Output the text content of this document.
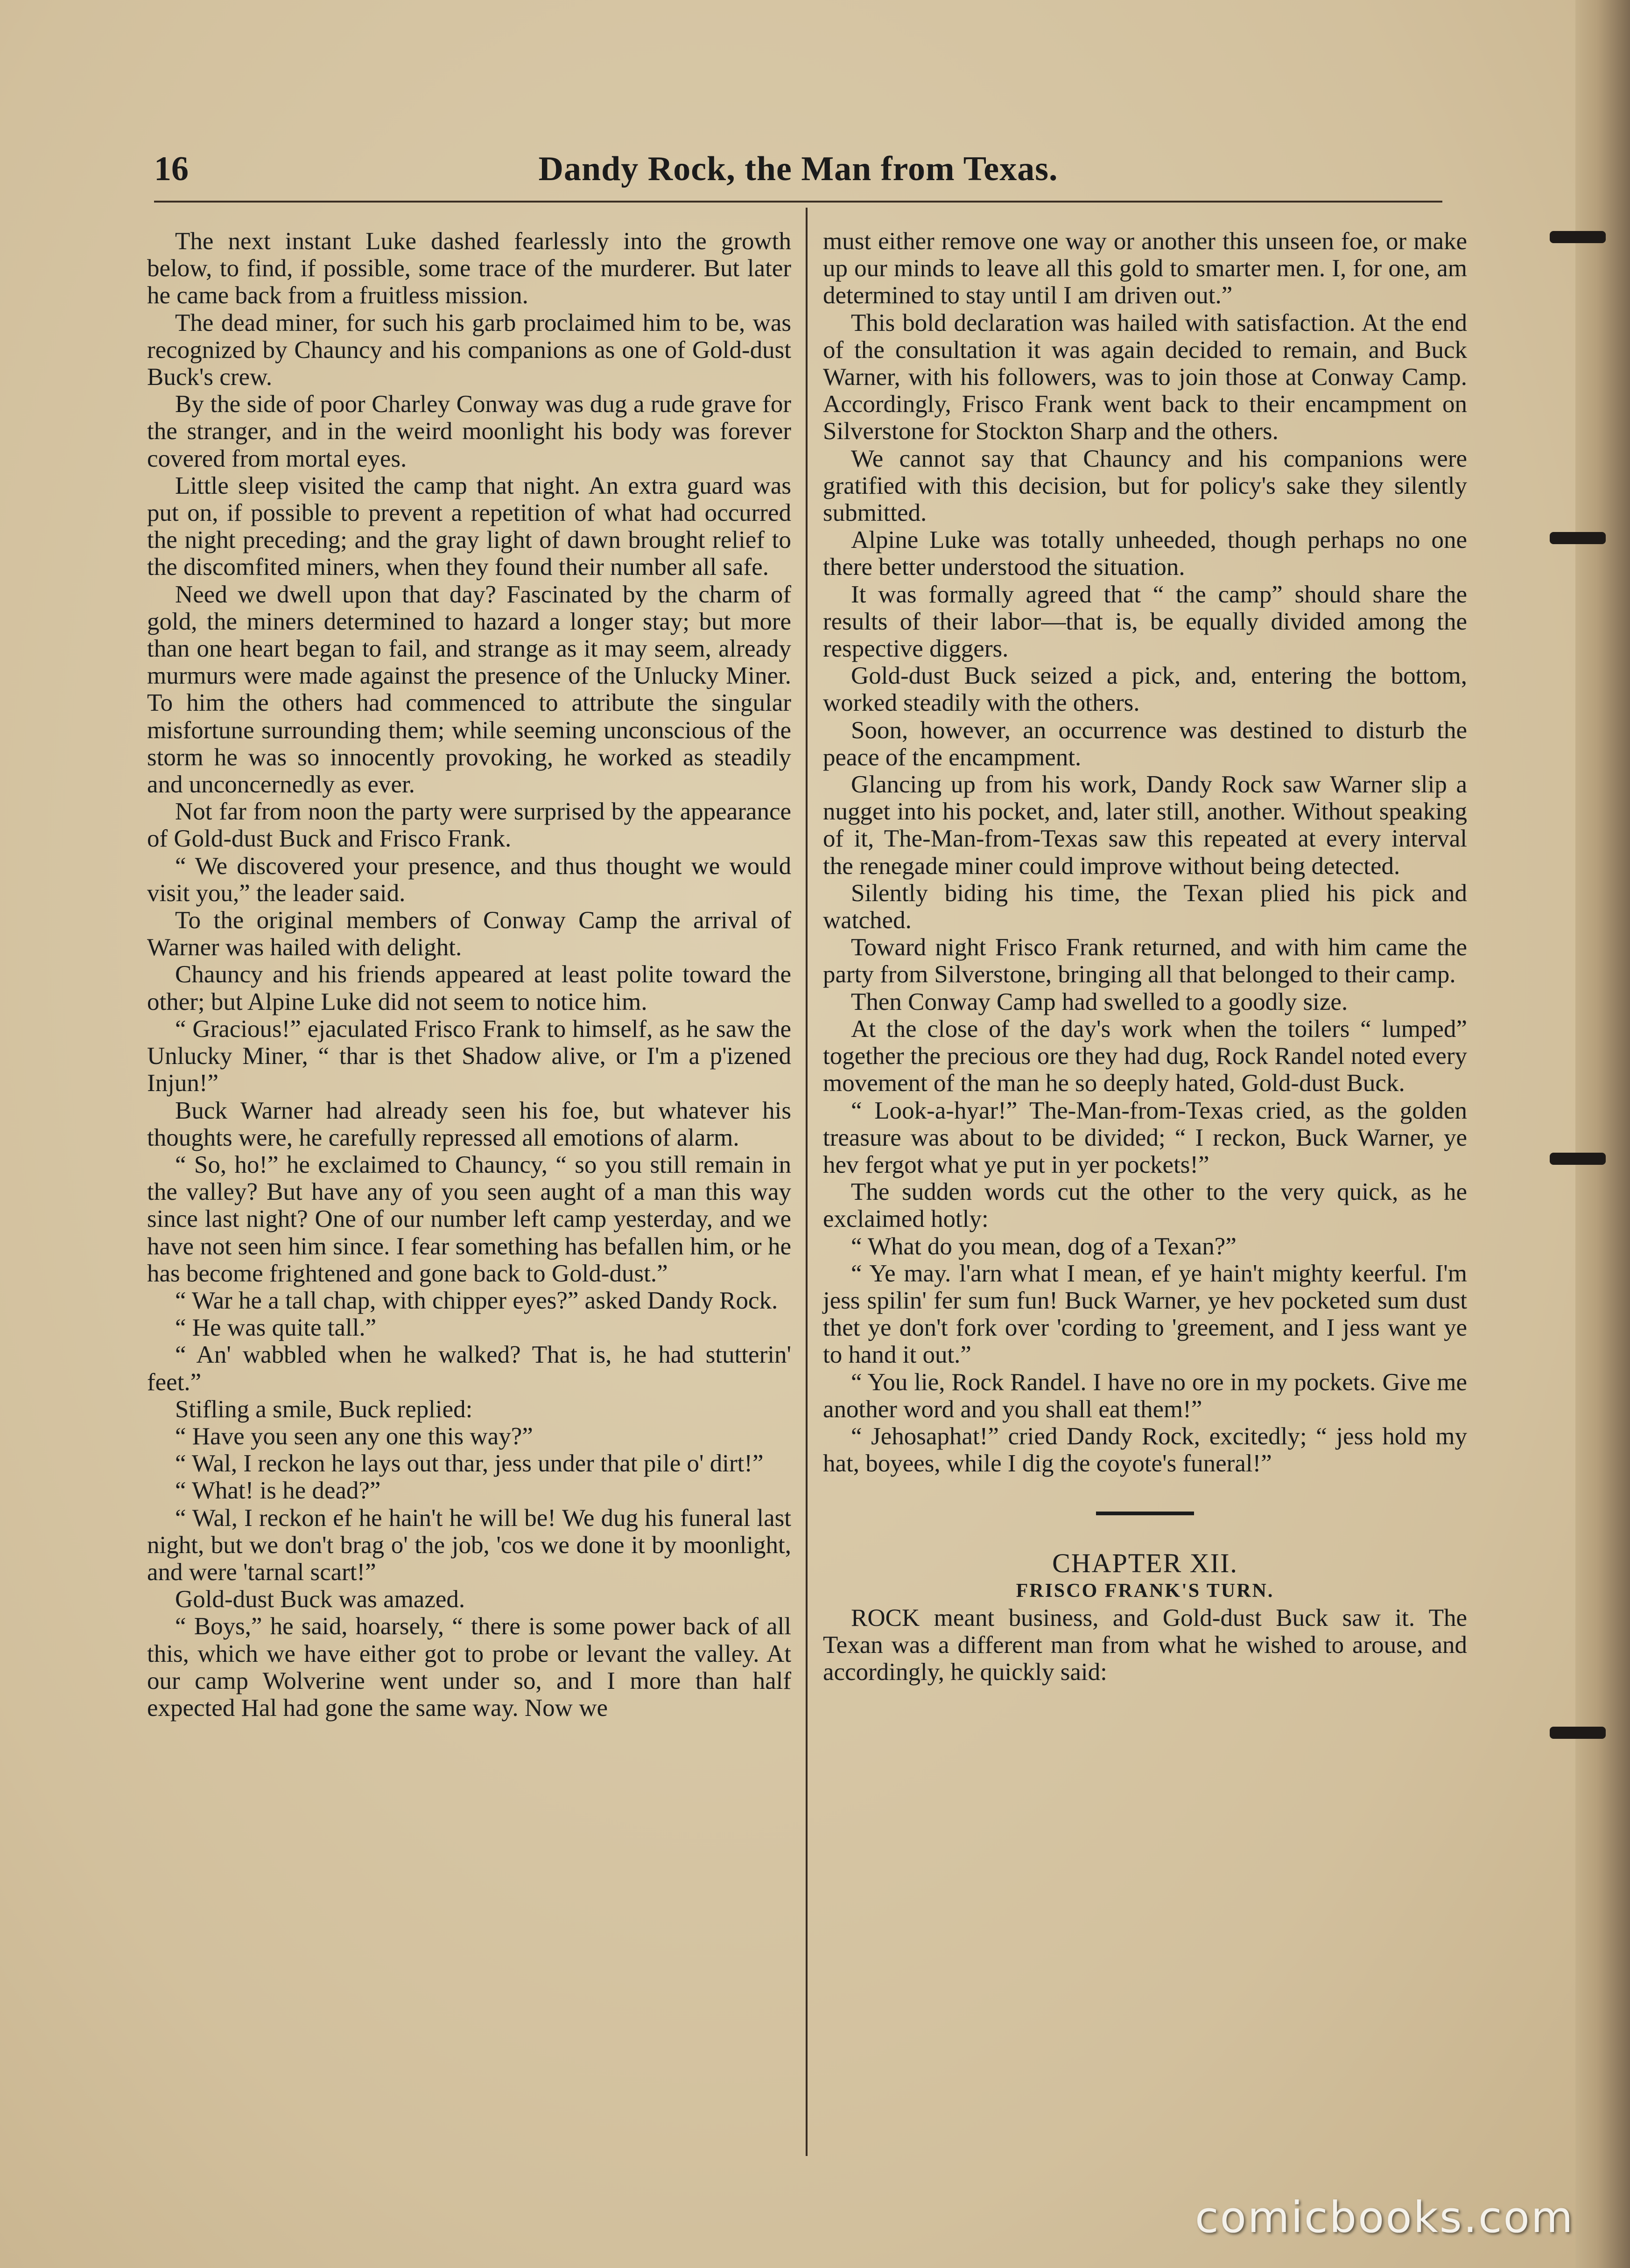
16	Dandy Rock, the Man from Texas.

The next instant Luke dashed fearlessly into the growth below, to find, if possible, some trace of the murderer. But later he came back from a fruitless mission.

The dead miner, for such his garb proclaimed him to be, was recognized by Chauncy and his companions as one of Gold-dust Buck's crew.

By the side of poor Charley Conway was dug a rude grave for the stranger, and in the weird moonlight his body was forever covered from mortal eyes.

Little sleep visited the camp that night. An extra guard was put on, if possible to prevent a repetition of what had occurred the night preceding; and the gray light of dawn brought relief to the discomfited miners, when they found their number all safe.

Need we dwell upon that day? Fascinated by the charm of gold, the miners determined to hazard a longer stay; but more than one heart began to fail, and strange as it may seem, already murmurs were made against the presence of the Unlucky Miner. To him the others had commenced to attribute the singular misfortune surrounding them; while seeming unconscious of the storm he was so innocently provoking, he worked as steadily and unconcernedly as ever.

Not far from noon the party were surprised by the appearance of Gold-dust Buck and Frisco Frank.

“ We discovered your presence, and thus thought we would visit you,” the leader said.

To the original members of Conway Camp the arrival of Warner was hailed with delight.

Chauncy and his friends appeared at least polite toward the other; but Alpine Luke did not seem to notice him.

“ Gracious!” ejaculated Frisco Frank to himself, as he saw the Unlucky Miner, “ thar is thet Shadow alive, or I'm a p'izened Injun!”

Buck Warner had already seen his foe, but whatever his thoughts were, he carefully repressed all emotions of alarm.

“ So, ho!” he exclaimed to Chauncy, “ so you still remain in the valley? But have any of you seen aught of a man this way since last night? One of our number left camp yesterday, and we have not seen him since. I fear something has befallen him, or he has become frightened and gone back to Gold-dust.”

“ War he a tall chap, with chipper eyes?” asked Dandy Rock.

“ He was quite tall.”

“ An' wabbled when he walked? That is, he had stutterin' feet.”

Stifling a smile, Buck replied:

“ Have you seen any one this way?”

“ Wal, I reckon he lays out thar, jess under that pile o' dirt!”

“ What! is he dead?”

“ Wal, I reckon ef he hain't he will be! We dug his funeral last night, but we don't brag o' the job, 'cos we done it by moonlight, and were 'tarnal scart!”

Gold-dust Buck was amazed.

“ Boys,” he said, hoarsely, “ there is some power back of all this, which we have either got to probe or levant the valley. At our camp Wolverine went under so, and I more than half expected Hal had gone the same way. Now we

must either remove one way or another this unseen foe, or make up our minds to leave all this gold to smarter men. I, for one, am determined to stay until I am driven out.”

This bold declaration was hailed with satisfaction. At the end of the consultation it was again decided to remain, and Buck Warner, with his followers, was to join those at Conway Camp. Accordingly, Frisco Frank went back to their encampment on Silverstone for Stockton Sharp and the others.

We cannot say that Chauncy and his companions were gratified with this decision, but for policy's sake they silently submitted.

Alpine Luke was totally unheeded, though perhaps no one there better understood the situation.

It was formally agreed that “ the camp” should share the results of their labor—that is, be equally divided among the respective diggers.

Gold-dust Buck seized a pick, and, entering the bottom, worked steadily with the others.

Soon, however, an occurrence was destined to disturb the peace of the encampment.

Glancing up from his work, Dandy Rock saw Warner slip a nugget into his pocket, and, later still, another. Without speaking of it, The-Man-from-Texas saw this repeated at every interval the renegade miner could improve without being detected.

Silently biding his time, the Texan plied his pick and watched.

Toward night Frisco Frank returned, and with him came the party from Silverstone, bringing all that belonged to their camp.

Then Conway Camp had swelled to a goodly size.

At the close of the day's work when the toilers “ lumped” together the precious ore they had dug, Rock Randel noted every movement of the man he so deeply hated, Gold-dust Buck.

“ Look-a-hyar!” The-Man-from-Texas cried, as the golden treasure was about to be divided; “ I reckon, Buck Warner, ye hev fergot what ye put in yer pockets!”

The sudden words cut the other to the very quick, as he exclaimed hotly:

“ What do you mean, dog of a Texan?”

“ Ye may. l'arn what I mean, ef ye hain't mighty keerful. I'm jess spilin' fer sum fun! Buck Warner, ye hev pocketed sum dust thet ye don't fork over 'cording to 'greement, and I jess want ye to hand it out.”

“ You lie, Rock Randel. I have no ore in my pockets. Give me another word and you shall eat them!”

“ Jehosaphat!” cried Dandy Rock, excitedly; “ jess hold my hat, boyees, while I dig the coyote's funeral!”

CHAPTER XII.

FRISCO FRANK'S TURN.

ROCK meant business, and Gold-dust Buck saw it. The Texan was a different man from what he wished to arouse, and accordingly, he quickly said:

comicbooks.com
